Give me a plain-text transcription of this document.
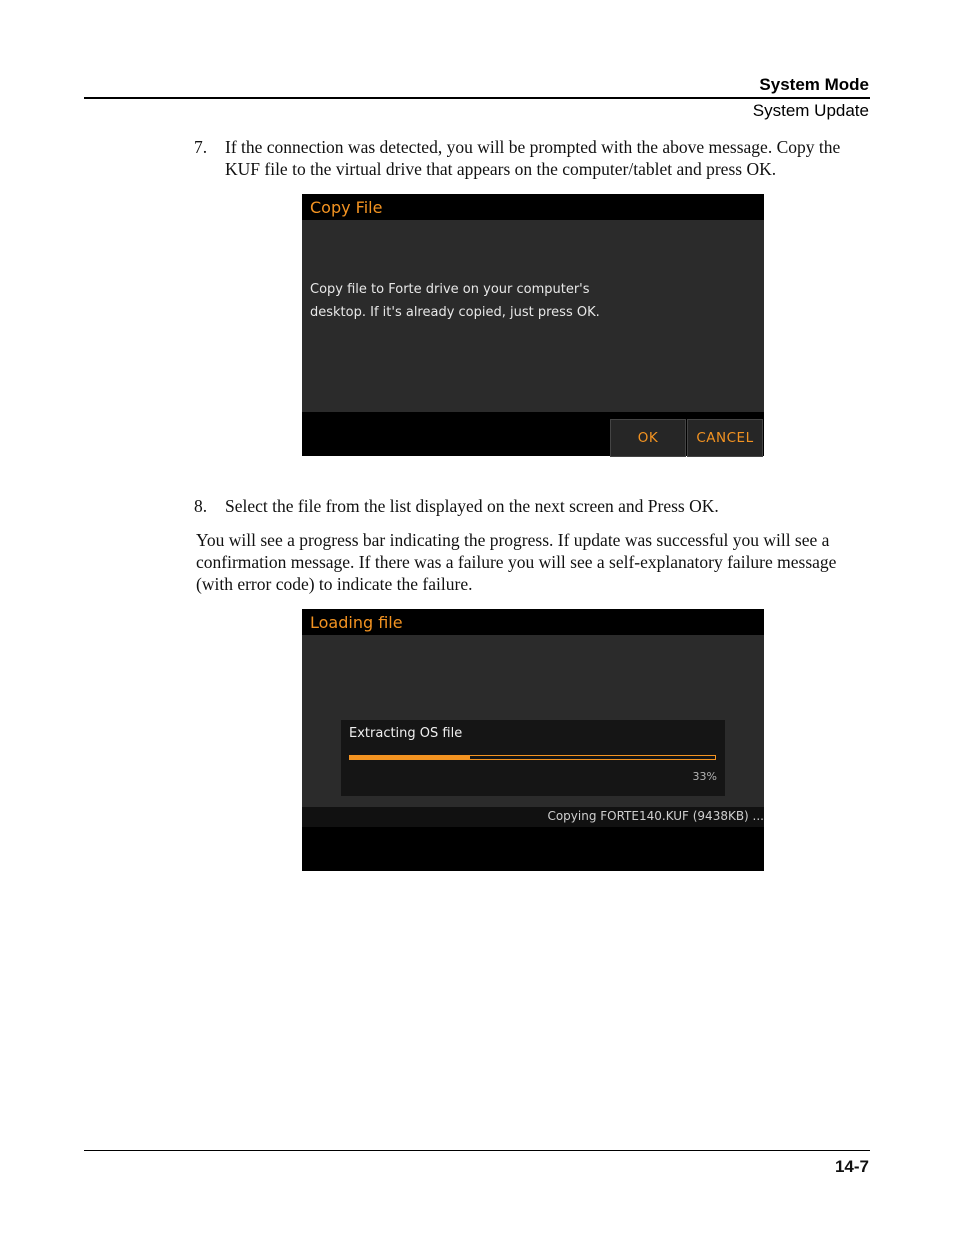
System Mode
System Update
7.	If the connection was detected, you will be prompted with the above message. Copy the KUF file to the virtual drive that appears on the computer/tablet and press OK.
Copy File
Copy file to Forte drive on your computer's
desktop. If it's already copied, just press OK.
OK	CANCEL
8.	Select the file from the list displayed on the next screen and Press OK.
You will see a progress bar indicating the progress. If update was successful you will see a confirmation message. If there was a failure you will see a self-explanatory failure message (with error code) to indicate the failure.
Loading file
Extracting OS file
33%
Copying FORTE140.KUF (9438KB) ...
14-7
